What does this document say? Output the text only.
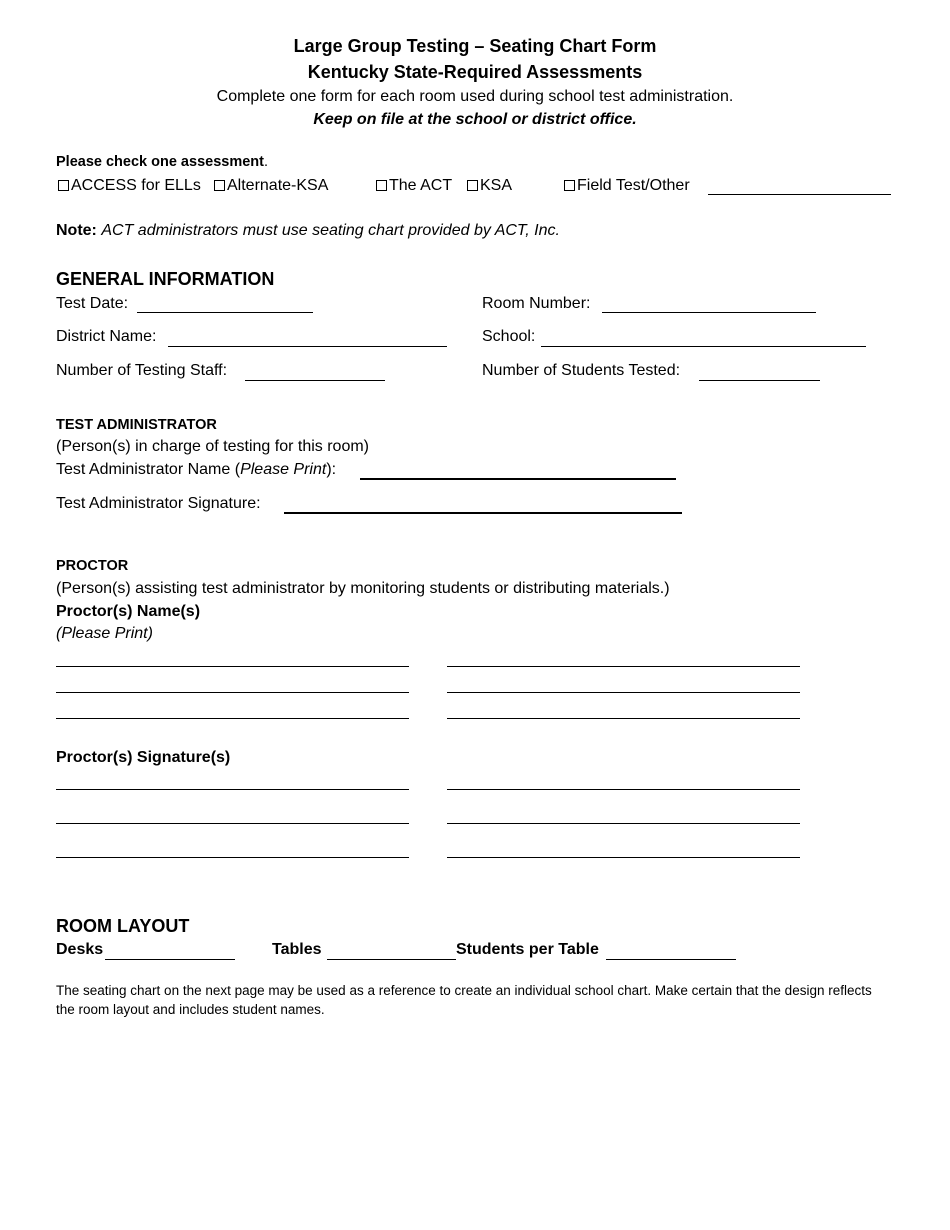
Large Group Testing – Seating Chart Form
Kentucky State-Required Assessments
Complete one form for each room used during school test administration.
Keep on file at the school or district office.
Please check one assessment.
ACCESS for ELLs	Alternate-KSA	The ACT	KSA	Field Test/Other
Note: ACT administrators must use seating chart provided by ACT, Inc.
GENERAL INFORMATION
Test Date:	Room Number:
District Name:	School:
Number of Testing Staff:	Number of Students Tested:
TEST ADMINISTRATOR
(Person(s) in charge of testing for this room)
Test Administrator Name (Please Print):
Test Administrator Signature:
PROCTOR
(Person(s) assisting test administrator by monitoring students or distributing materials.)
Proctor(s) Name(s)
(Please Print)
Proctor(s) Signature(s)
ROOM LAYOUT
Desks	Tables	Students per Table
The seating chart on the next page may be used as a reference to create an individual school chart. Make certain that the design reflects the room layout and includes student names.
